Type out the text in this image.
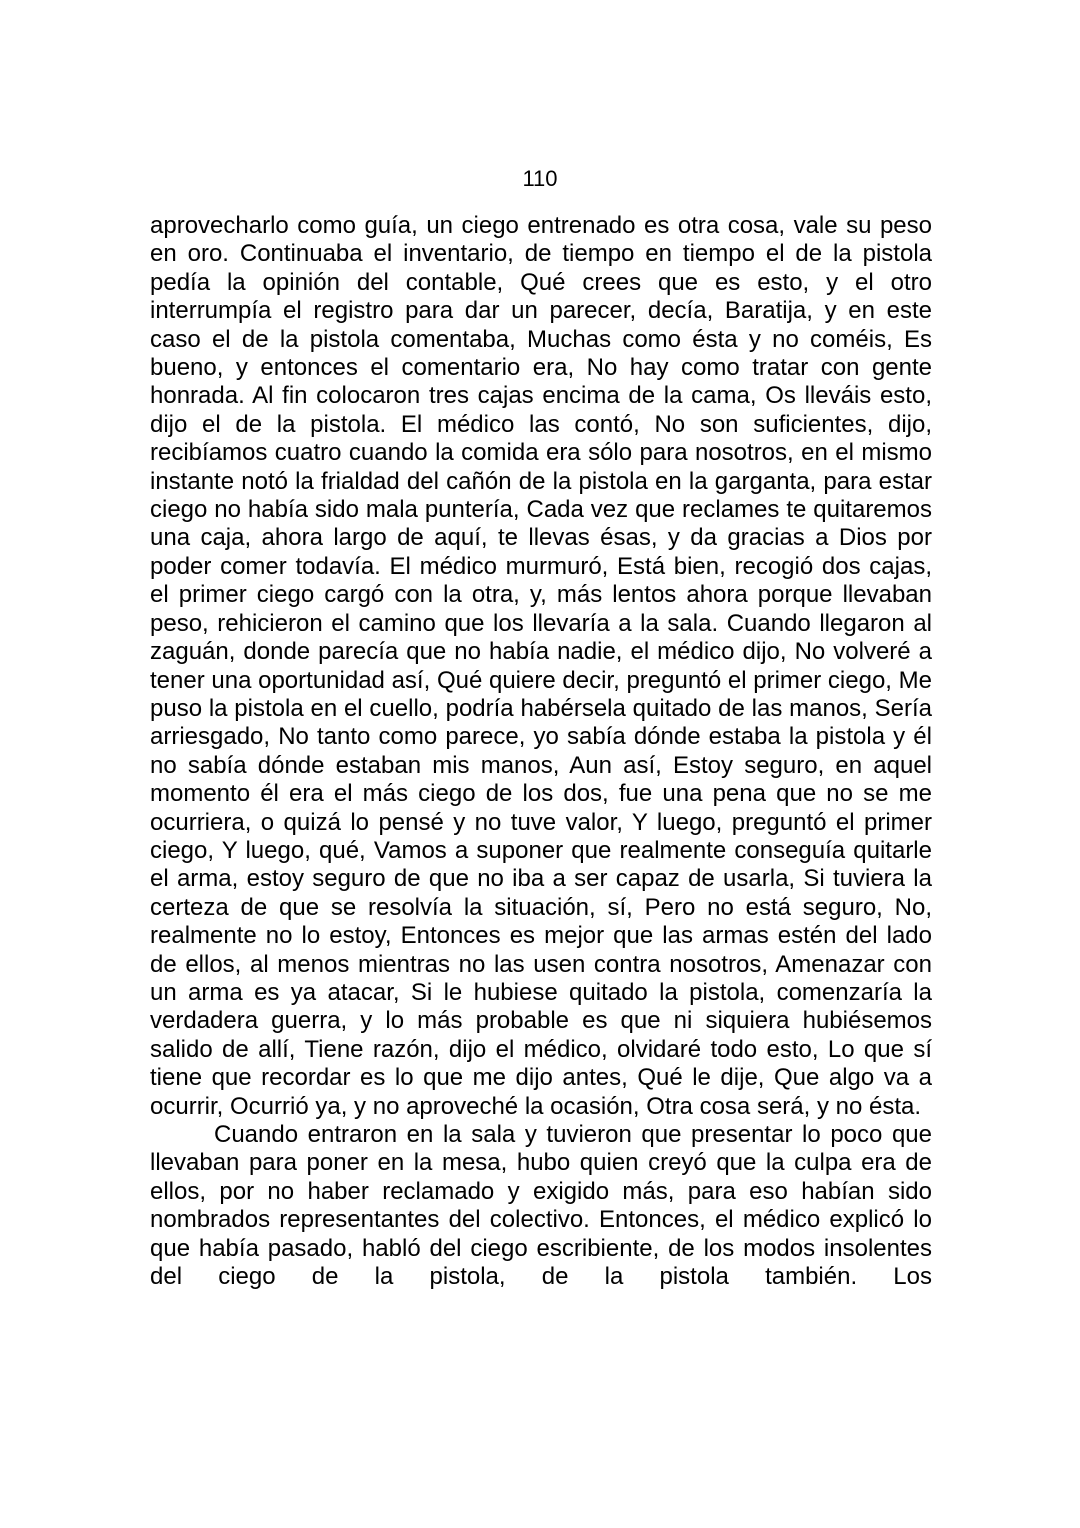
110

aprovecharlo como guía, un ciego entrenado es otra cosa, vale su peso en oro. Continuaba el inventario, de tiempo en tiempo el de la pistola pedía la opinión del contable, Qué crees que es esto, y el otro interrumpía el registro para dar un parecer, decía, Baratija, y en este caso el de la pistola comentaba, Muchas como ésta y no coméis, Es bueno, y entonces el comentario era, No hay como tratar con gente honrada. Al fin colocaron tres cajas encima de la cama, Os lleváis esto, dijo el de la pistola. El médico las contó, No son suficientes, dijo, recibíamos cuatro cuando la comida era sólo para nosotros, en el mismo instante notó la frialdad del cañón de la pistola en la garganta, para estar ciego no había sido mala puntería, Cada vez que reclames te quitaremos una caja, ahora largo de aquí, te llevas ésas, y da gracias a Dios por poder comer todavía. El médico murmuró, Está bien, recogió dos cajas, el primer ciego cargó con la otra, y, más lentos ahora porque llevaban peso, rehicieron el camino que los llevaría a la sala. Cuando llegaron al zaguán, donde parecía que no había nadie, el médico dijo, No volveré a tener una oportunidad así, Qué quiere decir, preguntó el primer ciego, Me puso la pistola en el cuello, podría habérsela quitado de las manos, Sería arriesgado, No tanto como parece, yo sabía dónde estaba la pistola y él no sabía dónde estaban mis manos, Aun así, Estoy seguro, en aquel momento él era el más ciego de los dos, fue una pena que no se me ocurriera, o quizá lo pensé y no tuve valor, Y luego, preguntó el primer ciego, Y luego, qué, Vamos a suponer que realmente conseguía quitarle el arma, estoy seguro de que no iba a ser capaz de usarla, Si tuviera la certeza de que se resolvía la situación, sí, Pero no está seguro, No, realmente no lo estoy, Entonces es mejor que las armas estén del lado de ellos, al menos mientras no las usen contra nosotros, Amenazar con un arma es ya atacar, Si le hubiese quitado la pistola, comenzaría la verdadera guerra, y lo más probable es que ni siquiera hubiésemos salido de allí, Tiene razón, dijo el médico, olvidaré todo esto, Lo que sí tiene que recordar es lo que me dijo antes, Qué le dije, Que algo va a ocurrir, Ocurrió ya, y no aproveché la ocasión, Otra cosa será, y no ésta.

Cuando entraron en la sala y tuvieron que presentar lo poco que llevaban para poner en la mesa, hubo quien creyó que la culpa era de ellos, por no haber reclamado y exigido más, para eso habían sido nombrados representantes del colectivo. Entonces, el médico explicó lo que había pasado, habló del ciego escribiente, de los modos insolentes del ciego de la pistola, de la pistola también. Los
